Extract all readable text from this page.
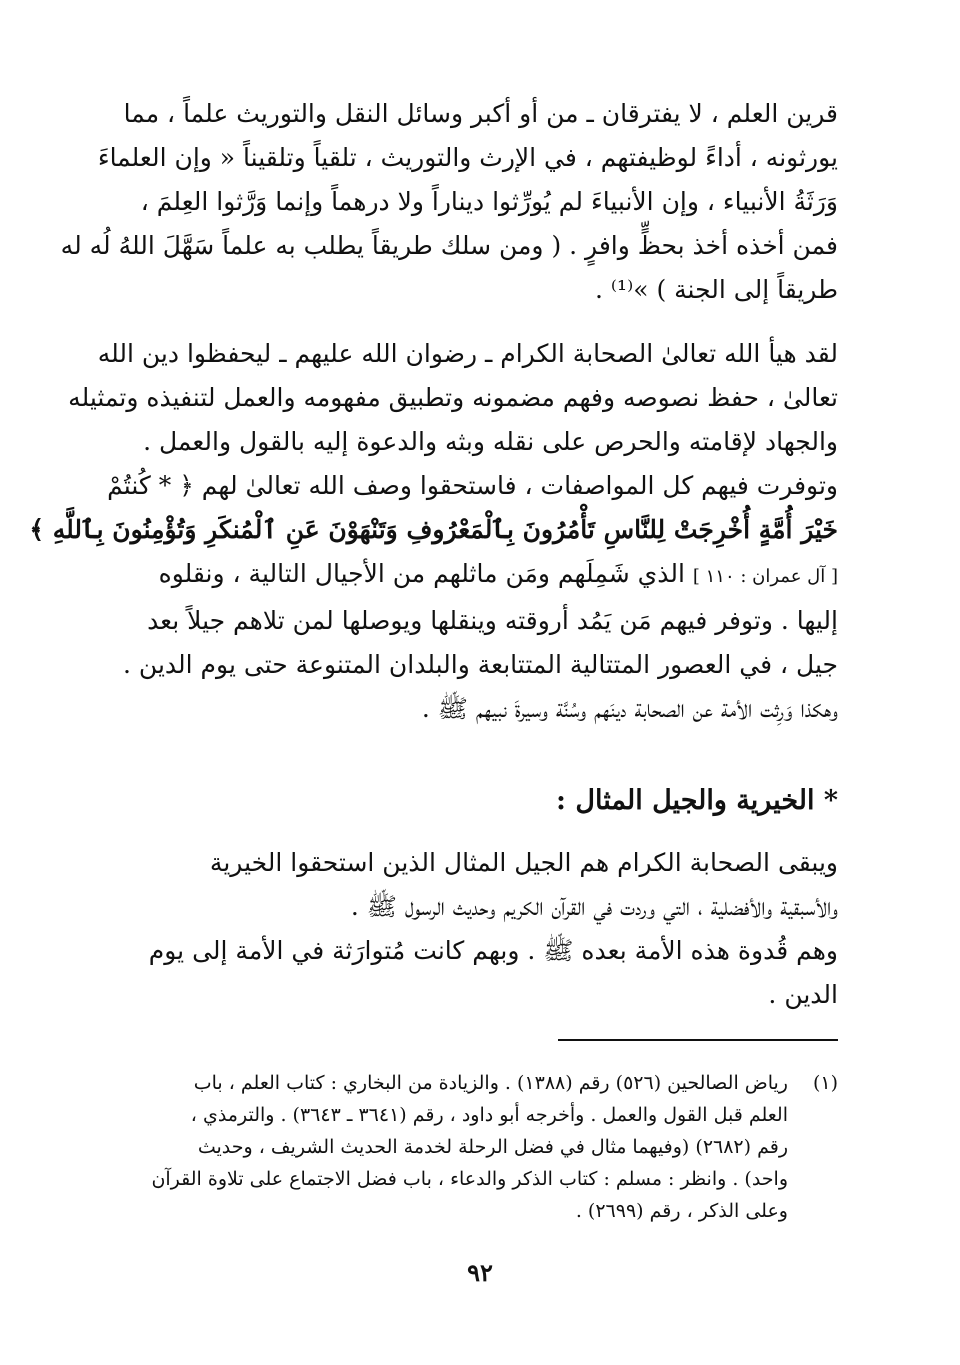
قرين العلم ، لا يفترقان ـ من أو أكبر وسائل النقل والتوريث علماً ، مما
يورثونه ، أداءً لوظيفتهم ، في الإرث والتوريث ، تلقياً وتلقيناً « وإن العلماءَ
وَرَثَةُ الأنبياء ، وإن الأنبياءَ لم يُورِّثوا ديناراً ولا درهماً وإنما وَرَّثوا العِلمَ ،
فمن أخذه أخذ بحظٍّ وافرٍ . ( ومن سلك طريقاً يطلب به علماً سَهَّلَ اللهُ لُه له
طريقاً إلى الجنة ) »⁽¹⁾ .

لقد هيأ الله تعالىٰ الصحابة الكرام ـ رضوان الله عليهم ـ ليحفظوا دين الله
تعالىٰ ، حفظ نصوصه وفهم مضمونه وتطبيق مفهومه والعمل لتنفيذه وتمثيله
والجهاد لإقامته والحرص على نقله وبثه والدعوة إليه بالقول والعمل .
وتوفرت فيهم كل المواصفات ، فاستحقوا وصف الله تعالىٰ لهم ﴿ * كُنتُمْ
خَيْرَ أُمَّةٍ أُخْرِجَتْ لِلنَّاسِ تَأْمُرُونَ بِٱلْمَعْرُوفِ وَتَنْهَوْنَ عَنِ ٱلْمُنكَرِ وَتُؤْمِنُونَ بِٱللَّهِ ﴾
[ آل عمران : ١١٠ ] الذي شَمِلَهم ومَن ماثلهم من الأجيال التالية ، ونقلوه
إليها . وتوفر فيهم مَن يَمُد أروقته وينقلها ويوصلها لمن تلاهم جيلاً بعد
جيل ، في العصور المتتالية المتتابعة والبلدان المتنوعة حتى يوم الدين .
وهكذا وَرِثت الأمة عن الصحابة دينَهم وسُنَّة وسيرةَ نبيهم ﷺ .

* الخيرية والجيل المثال :

ويبقى الصحابة الكرام هم الجيل المثال الذين استحقوا الخيرية
والأسبقية والأفضلية ، التي وردت في القرآن الكريم وحديث الرسول ﷺ .
وهم قُدوة هذه الأمة بعده ﷺ . وبهم كانت مُتوارَثة في الأمة إلى يوم
الدين .

(١)
رياض الصالحين (٥٢٦) رقم (١٣٨٨) . والزيادة من البخاري : كتاب العلم ، باب
العلم قبل القول والعمل . وأخرجه أبو داود ، رقم (٣٦٤١ ـ ٣٦٤٣) . والترمذي ،
رقم (٢٦٨٢) (وفيهما مثال في فضل الرحلة لخدمة الحديث الشريف ، وحديث
واحد) . وانظر : مسلم : كتاب الذكر والدعاء ، باب فضل الاجتماع على تلاوة القرآن
وعلى الذكر ، رقم (٢٦٩٩) .
٩٢
